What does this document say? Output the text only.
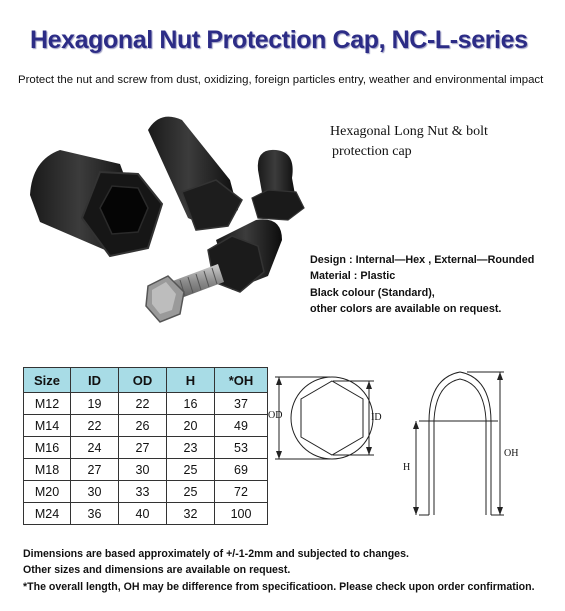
Hexagonal Nut Protection Cap, NC-L-series
Protect the nut and screw from dust, oxidizing, foreign particles entry, weather and environmental impact
Hexagonal Long Nut & bolt
protection cap
Design : Internal—Hex , External—Rounded
Material : Plastic
Black colour (Standard),
other colors are available on request.
Size	ID	OD	H	*OH
M12	19	22	16	37
M14	22	26	20	49
M16	24	27	23	53
M18	27	30	25	69
M20	30	33	25	72
M24	36	40	32	100
OD	ID
H
OH
Dimensions are based approximately of +/-1-2mm and subjected to changes.
Other sizes and dimensions are available on request.
*The overall length, OH may be difference from specificatioon. Please check upon order confirmation.
